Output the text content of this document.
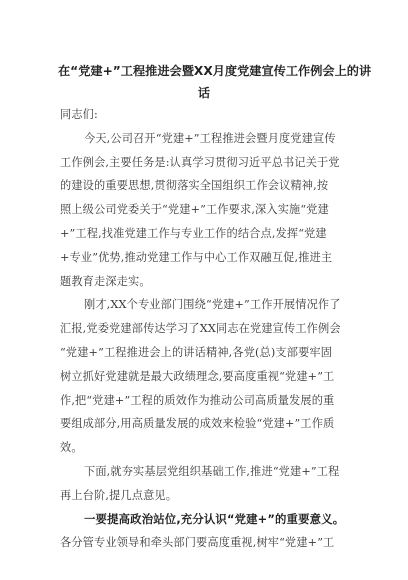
在“党建+”工程推进会暨XX月度党建宣传工作例会上的讲
话
同志们:
今天,公司召开“党建+”工程推进会暨月度党建宣传
工作例会,主要任务是:认真学习贯彻习近平总书记关于党
的建设的重要思想,贯彻落实全国组织工作会议精神,按
照上级公司党委关于“党建+”工作要求,深入实施“党建
+”工程,找准党建工作与专业工作的结合点,发挥“党建
+专业”优势,推动党建工作与中心工作双融互促,推进主
题教育走深走实。
刚才,XX个专业部门围绕“党建+”工作开展情况作了
汇报,党委党建部传达学习了XX同志在党建宣传工作例会
“党建+”工程推进会上的讲话精神,各党(总)支部要牢固
树立抓好党建就是最大政绩理念,要高度重视“党建+”工
作,把“党建+”工程的质效作为推动公司高质量发展的重
要组成部分,用高质量发展的成效来检验“党建+”工作质
效。
下面,就夯实基层党组织基础工作,推进“党建+”工程
再上台阶,提几点意见。
一要提高政治站位,充分认识“党建+”的重要意义。
各分管专业领导和牵头部门要高度重视,树牢“党建+”工
